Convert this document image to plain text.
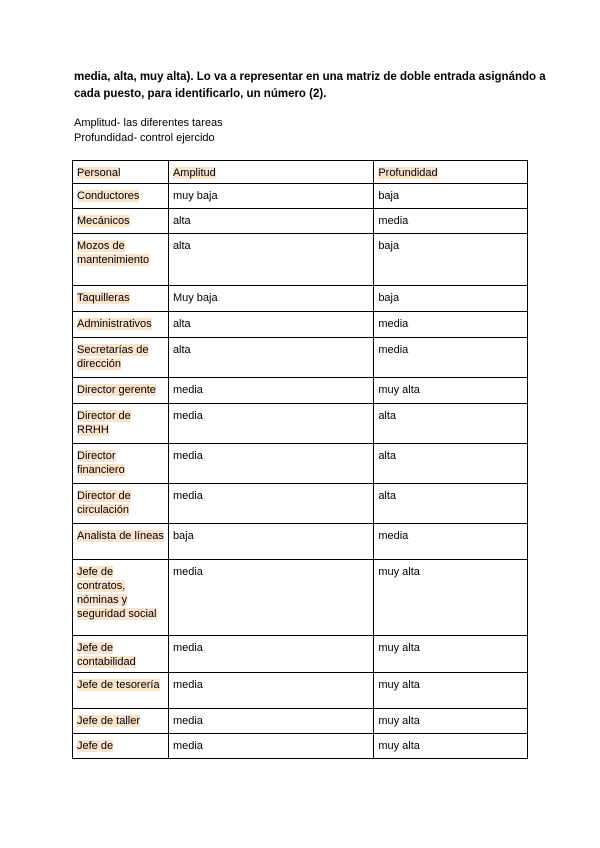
media, alta, muy alta). Lo va a representar en una matriz de doble entrada asignándo a

cada puesto, para identificarlo, un número (2).

Amplitud- las diferentes tareas

Profundidad- control ejercido

Personal	Amplitud	Profundidad
Conductores	muy baja	baja
Mecánicos	alta	media
Mozos de mantenimiento	alta	baja
Taquilleras	Muy baja	baja
Administrativos	alta	media
Secretarías de dirección	alta	media
Director gerente	media	muy alta
Director de RRHH	media	alta
Director financiero	media	alta
Director de circulación	media	alta
Analista de líneas	baja	media
Jefe de contratos, nóminas y seguridad social	media	muy alta
Jefe de contabilidad	media	muy alta
Jefe de tesorería	media	muy alta
Jefe de taller	media	muy alta
Jefe de	media	muy alta
